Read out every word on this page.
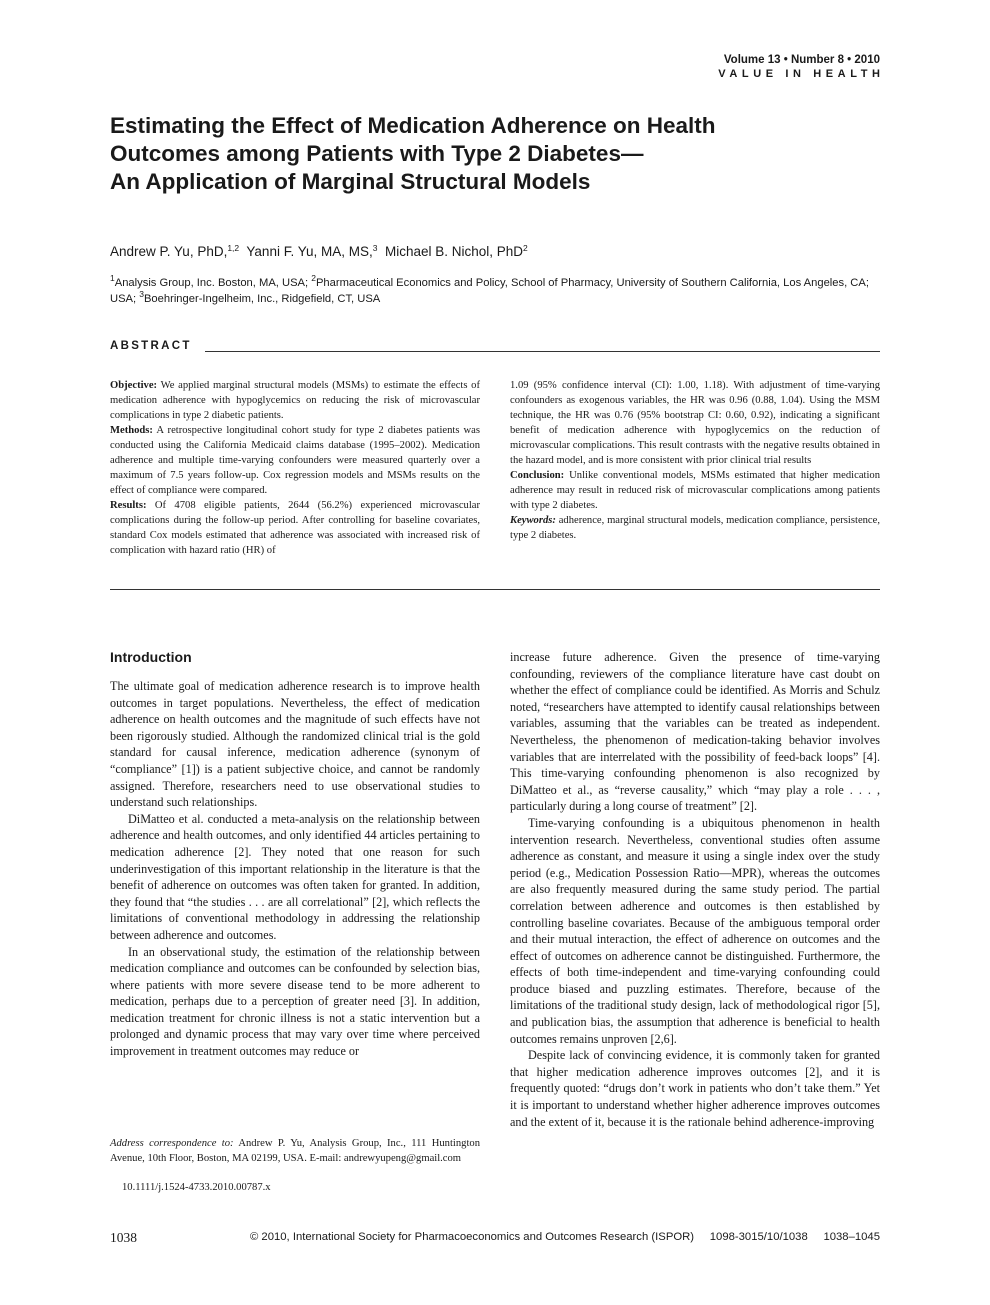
Volume 13 • Number 8 • 2010
VALUE IN HEALTH
Estimating the Effect of Medication Adherence on Health
Outcomes among Patients with Type 2 Diabetes—
An Application of Marginal Structural Models
Andrew P. Yu, PhD,$^{1,2}$ Yanni F. Yu, MA, MS,$^3$ Michael B. Nichol, PhD$^2$
$^1$Analysis Group, Inc. Boston, MA, USA; $^2$Pharmaceutical Economics and Policy, School of Pharmacy, University of Southern California, Los Angeles, CA; USA; $^3$Boehringer-Ingelheim, Inc., Ridgefield, CT, USA
ABSTRACT

Objective: We applied marginal structural models (MSMs) to estimate the effects of medication adherence with hypoglycemics on reducing the risk of microvascular complications in type 2 diabetic patients.

Methods: A retrospective longitudinal cohort study for type 2 diabetes patients was conducted using the California Medicaid claims database (1995–2002). Medication adherence and multiple time-varying confounders were measured quarterly over a maximum of 7.5 years follow-up. Cox regression models and MSMs results on the effect of compliance were compared.

Results: Of 4708 eligible patients, 2644 (56.2%) experienced microvascular complications during the follow-up period. After controlling for baseline covariates, standard Cox models estimated that adherence was associated with increased risk of complication with hazard ratio (HR) of

1.09 (95% confidence interval (CI): 1.00, 1.18). With adjustment of time-varying confounders as exogenous variables, the HR was 0.96 (0.88, 1.04). Using the MSM technique, the HR was 0.76 (95% bootstrap CI: 0.60, 0.92), indicating a significant benefit of medication adherence with hypoglycemics on the reduction of microvascular complications. This result contrasts with the negative results obtained in the hazard model, and is more consistent with prior clinical trial results

Conclusion: Unlike conventional models, MSMs estimated that higher medication adherence may result in reduced risk of microvascular complications among patients with type 2 diabetes.

Keywords: adherence, marginal structural models, medication compliance, persistence, type 2 diabetes.

Introduction

The ultimate goal of medication adherence research is to improve health outcomes in target populations. Nevertheless, the effect of medication adherence on health outcomes and the magnitude of such effects have not been rigorously studied. Although the randomized clinical trial is the gold standard for causal inference, medication adherence (synonym of “compliance” [1]) is a patient subjective choice, and cannot be randomly assigned. Therefore, researchers need to use observational studies to understand such relationships.

DiMatteo et al. conducted a meta-analysis on the relationship between adherence and health outcomes, and only identified 44 articles pertaining to medication adherence [2]. They noted that one reason for such underinvestigation of this important relationship in the literature is that the benefit of adherence on outcomes was often taken for granted. In addition, they found that “the studies . . . are all correlational” [2], which reflects the limitations of conventional methodology in addressing the relationship between adherence and outcomes.

In an observational study, the estimation of the relationship between medication compliance and outcomes can be confounded by selection bias, where patients with more severe disease tend to be more adherent to medication, perhaps due to a perception of greater need [3]. In addition, medication treatment for chronic illness is not a static intervention but a prolonged and dynamic process that may vary over time where perceived improvement in treatment outcomes may reduce or

increase future adherence. Given the presence of time-varying confounding, reviewers of the compliance literature have cast doubt on whether the effect of compliance could be identified. As Morris and Schulz noted, “researchers have attempted to identify causal relationships between variables, assuming that the variables can be treated as independent. Nevertheless, the phenomenon of medication-taking behavior involves variables that are interrelated with the possibility of feed-back loops” [4]. This time-varying confounding phenomenon is also recognized by DiMatteo et al., as “reverse causality,” which “may play a role . . . , particularly during a long course of treatment” [2].

Time-varying confounding is a ubiquitous phenomenon in health intervention research. Nevertheless, conventional studies often assume adherence as constant, and measure it using a single index over the study period (e.g., Medication Possession Ratio—MPR), whereas the outcomes are also frequently measured during the same study period. The partial correlation between adherence and outcomes is then established by controlling baseline covariates. Because of the ambiguous temporal order and their mutual interaction, the effect of adherence on outcomes and the effect of outcomes on adherence cannot be distinguished. Furthermore, the effects of both time-independent and time-varying confounding could produce biased and puzzling estimates. Therefore, because of the limitations of the traditional study design, lack of methodological rigor [5], and publication bias, the assumption that adherence is beneficial to health outcomes remains unproven [2,6].

Despite lack of convincing evidence, it is commonly taken for granted that higher medication adherence improves outcomes [2], and it is frequently quoted: “drugs don’t work in patients who don’t take them.” Yet it is important to understand whether higher adherence improves outcomes and the extent of it, because it is the rationale behind adherence-improving

Address correspondence to: Andrew P. Yu, Analysis Group, Inc., 111 Huntington Avenue, 10th Floor, Boston, MA 02199, USA. E-mail: andrewyupeng@gmail.com
10.1111/j.1524-4733.2010.00787.x
1038	© 2010, International Society for Pharmacoeconomics and Outcomes Research (ISPOR)     1098-3015/10/1038     1038–1045
